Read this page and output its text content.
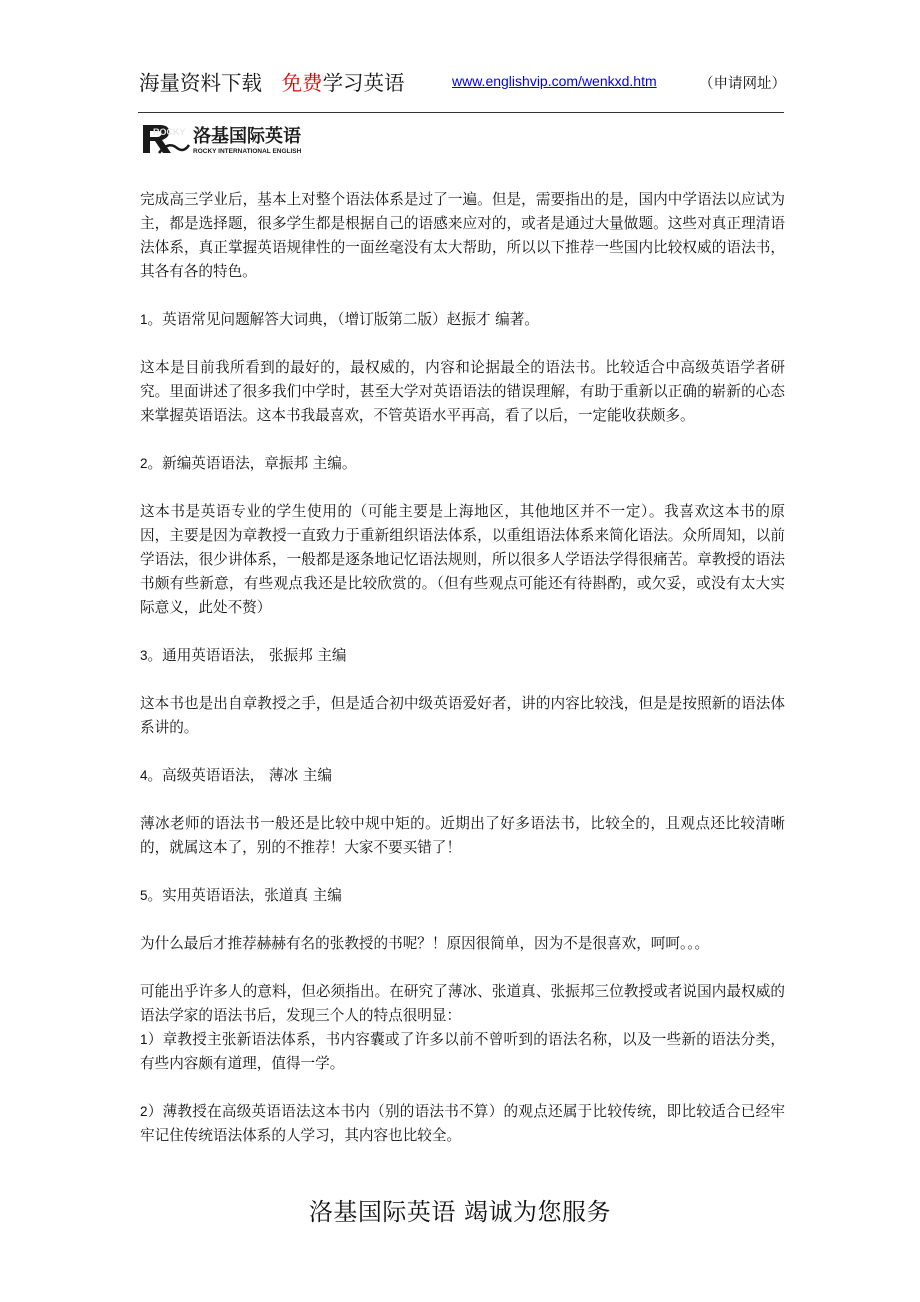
海量资料下载 免费学习英语	www.englishvip.com/wenkxd.htm	（申请网址）
ROCKY 洛基国际英语
ROCKY INTERNATIONAL ENGLISH

完成高三学业后，基本上对整个语法体系是过了一遍。但是，需要指出的是，国内中学语法以应试为主，都是选择题，很多学生都是根据自己的语感来应对的，或者是通过大量做题。这些对真正理清语法体系，真正掌握英语规律性的一面丝毫没有太大帮助，所以以下推荐一些国内比较权威的语法书，其各有各的特色。

1。英语常见问题解答大词典，（增订版第二版）赵振才 编著。

这本是目前我所看到的最好的，最权威的，内容和论据最全的语法书。比较适合中高级英语学者研究。里面讲述了很多我们中学时，甚至大学对英语语法的错误理解，有助于重新以正确的崭新的心态来掌握英语语法。这本书我最喜欢，不管英语水平再高，看了以后，一定能收获颇多。

2。新编英语语法，章振邦 主编。

这本书是英语专业的学生使用的（可能主要是上海地区，其他地区并不一定）。我喜欢这本书的原因，主要是因为章教授一直致力于重新组织语法体系，以重组语法体系来简化语法。众所周知，以前学语法，很少讲体系，一般都是逐条地记忆语法规则，所以很多人学语法学得很痛苦。章教授的语法书颇有些新意，有些观点我还是比较欣赏的。（但有些观点可能还有待斟酌，或欠妥，或没有太大实际意义，此处不赘）

3。通用英语语法， 张振邦 主编

这本书也是出自章教授之手，但是适合初中级英语爱好者，讲的内容比较浅，但是是按照新的语法体系讲的。

4。高级英语语法， 薄冰 主编

薄冰老师的语法书一般还是比较中规中矩的。近期出了好多语法书，比较全的，且观点还比较清晰的，就属这本了，别的不推荐！大家不要买错了！

5。实用英语语法，张道真 主编

为什么最后才推荐赫赫有名的张教授的书呢？！原因很简单，因为不是很喜欢，呵呵。。。

可能出乎许多人的意料，但必须指出。在研究了薄冰、张道真、张振邦三位教授或者说国内最权威的语法学家的语法书后，发现三个人的特点很明显：

1）章教授主张新语法体系，书内容囊或了许多以前不曾听到的语法名称，以及一些新的语法分类，有些内容颇有道理，值得一学。

2）薄教授在高级英语语法这本书内（别的语法书不算）的观点还属于比较传统，即比较适合已经牢牢记住传统语法体系的人学习，其内容也比较全。

洛基国际英语 竭诚为您服务
